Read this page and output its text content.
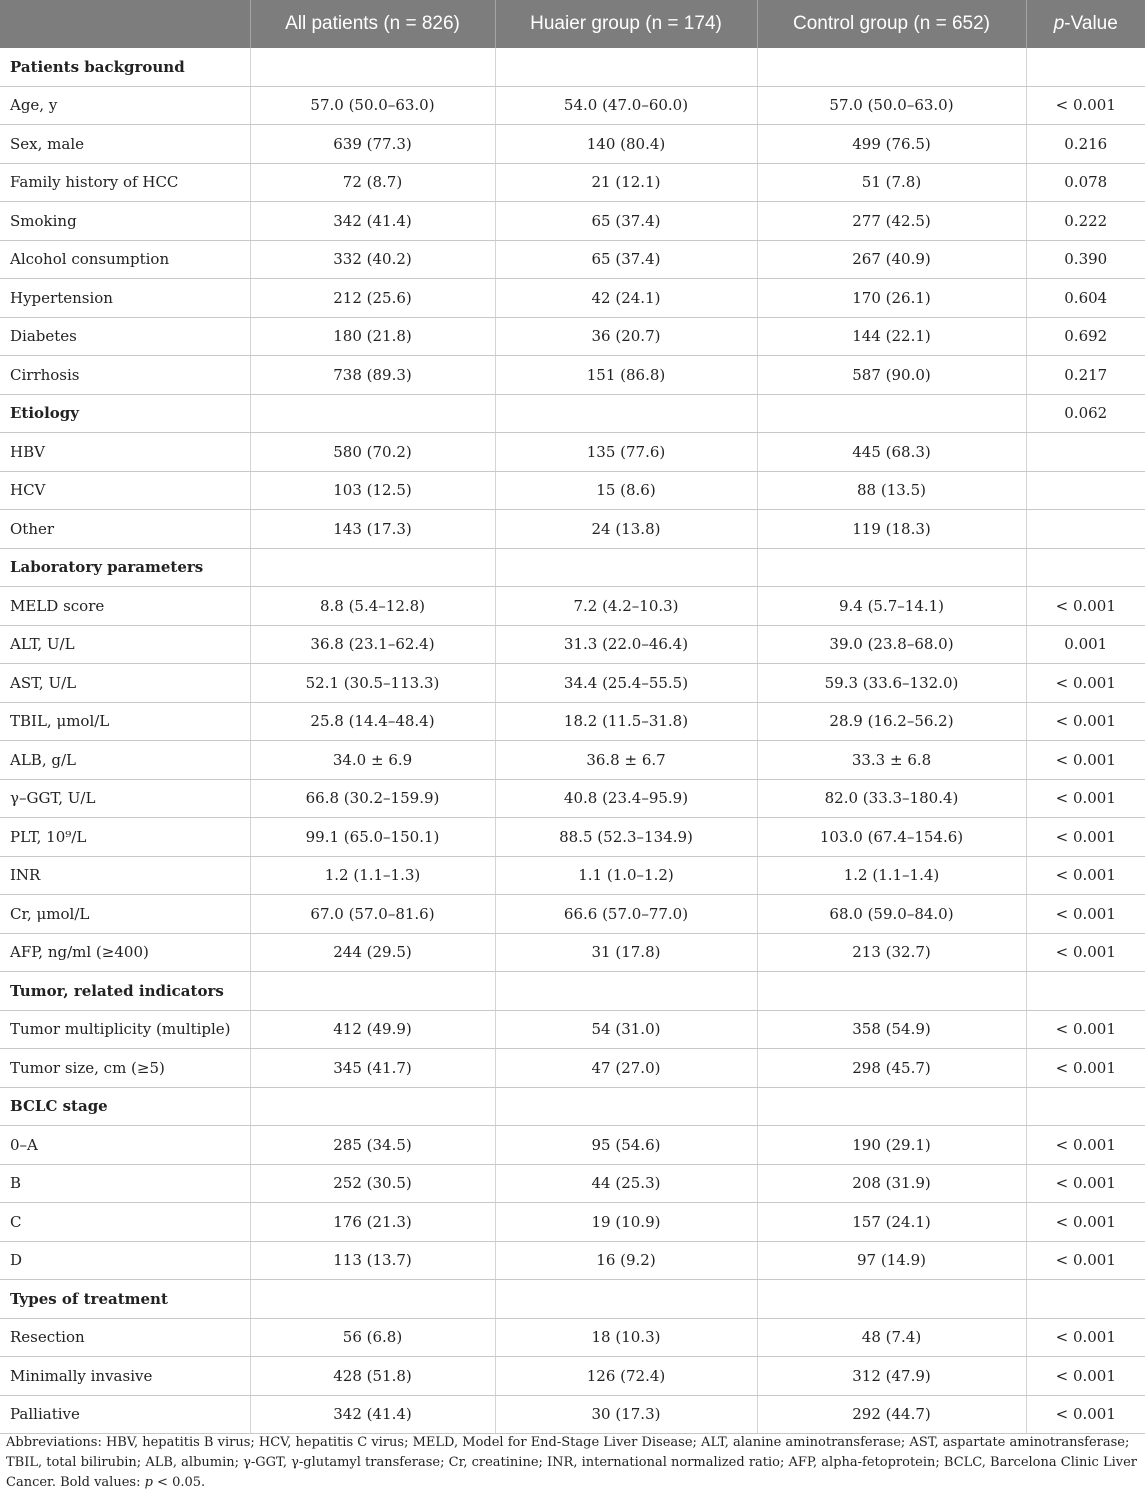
	All patients (n = 826)	Huaier group (n = 174)	Control group (n = 652)	p-Value
Patients background				
Age, y	57.0 (50.0–63.0)	54.0 (47.0–60.0)	57.0 (50.0–63.0)	< 0.001
Sex, male	639 (77.3)	140 (80.4)	499 (76.5)	0.216
Family history of HCC	72 (8.7)	21 (12.1)	51 (7.8)	0.078
Smoking	342 (41.4)	65 (37.4)	277 (42.5)	0.222
Alcohol consumption	332 (40.2)	65 (37.4)	267 (40.9)	0.390
Hypertension	212 (25.6)	42 (24.1)	170 (26.1)	0.604
Diabetes	180 (21.8)	36 (20.7)	144 (22.1)	0.692
Cirrhosis	738 (89.3)	151 (86.8)	587 (90.0)	0.217
Etiology				0.062
HBV	580 (70.2)	135 (77.6)	445 (68.3)	
HCV	103 (12.5)	15 (8.6)	88 (13.5)	
Other	143 (17.3)	24 (13.8)	119 (18.3)	
Laboratory parameters				
MELD score	8.8 (5.4–12.8)	7.2 (4.2–10.3)	9.4 (5.7–14.1)	< 0.001
ALT, U/L	36.8 (23.1–62.4)	31.3 (22.0–46.4)	39.0 (23.8–68.0)	0.001
AST, U/L	52.1 (30.5–113.3)	34.4 (25.4–55.5)	59.3 (33.6–132.0)	< 0.001
TBIL, μmol/L	25.8 (14.4–48.4)	18.2 (11.5–31.8)	28.9 (16.2–56.2)	< 0.001
ALB, g/L	34.0 ± 6.9	36.8 ± 6.7	33.3 ± 6.8	< 0.001
γ–GGT, U/L	66.8 (30.2–159.9)	40.8 (23.4–95.9)	82.0 (33.3–180.4)	< 0.001
PLT, 10⁹/L	99.1 (65.0–150.1)	88.5 (52.3–134.9)	103.0 (67.4–154.6)	< 0.001
INR	1.2 (1.1–1.3)	1.1 (1.0–1.2)	1.2 (1.1–1.4)	< 0.001
Cr, μmol/L	67.0 (57.0–81.6)	66.6 (57.0–77.0)	68.0 (59.0–84.0)	< 0.001
AFP, ng/ml (≥400)	244 (29.5)	31 (17.8)	213 (32.7)	< 0.001
Tumor, related indicators				
Tumor multiplicity (multiple)	412 (49.9)	54 (31.0)	358 (54.9)	< 0.001
Tumor size, cm (≥5)	345 (41.7)	47 (27.0)	298 (45.7)	< 0.001
BCLC stage				
0–A	285 (34.5)	95 (54.6)	190 (29.1)	< 0.001
B	252 (30.5)	44 (25.3)	208 (31.9)	< 0.001
C	176 (21.3)	19 (10.9)	157 (24.1)	< 0.001
D	113 (13.7)	16 (9.2)	97 (14.9)	< 0.001
Types of treatment				
Resection	56 (6.8)	18 (10.3)	48 (7.4)	< 0.001
Minimally invasive	428 (51.8)	126 (72.4)	312 (47.9)	< 0.001
Palliative	342 (41.4)	30 (17.3)	292 (44.7)	< 0.001
Abbreviations: HBV, hepatitis B virus; HCV, hepatitis C virus; MELD, Model for End-Stage Liver Disease; ALT, alanine aminotransferase; AST, aspartate aminotransferase; TBIL, total bilirubin; ALB, albumin; γ-GGT, γ-glutamyl transferase; Cr, creatinine; INR, international normalized ratio; AFP, alpha-fetoprotein; BCLC, Barcelona Clinic Liver Cancer. Bold values: p < 0.05.
